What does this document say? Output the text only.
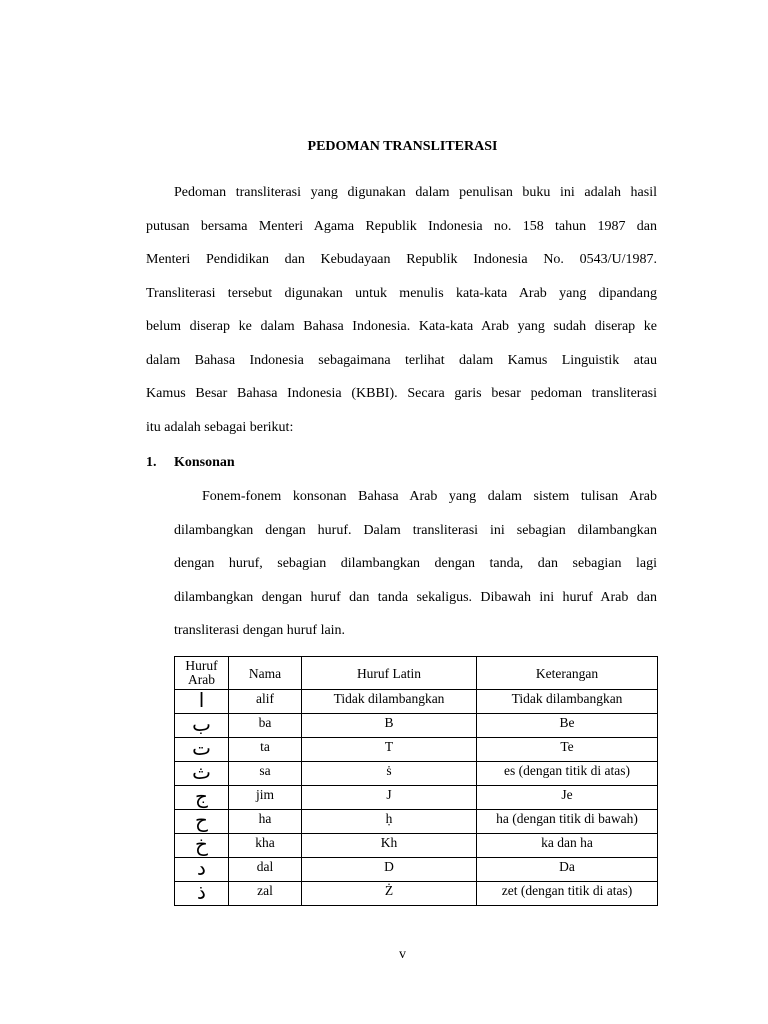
PEDOMAN TRANSLITERASI

Pedoman transliterasi yang digunakan dalam penulisan buku ini adalah hasil
putusan bersama Menteri Agama Republik Indonesia no. 158 tahun 1987 dan
Menteri Pendidikan dan Kebudayaan Republik Indonesia No. 0543/U/1987.
Transliterasi tersebut digunakan untuk menulis kata-kata Arab yang dipandang
belum diserap ke dalam Bahasa Indonesia. Kata-kata Arab yang sudah diserap ke
dalam Bahasa Indonesia sebagaimana terlihat dalam Kamus Linguistik atau
Kamus Besar Bahasa Indonesia (KBBI). Secara garis besar pedoman transliterasi
itu adalah sebagai berikut:

1. Konsonan

Fonem-fonem konsonan Bahasa Arab yang dalam sistem tulisan Arab
dilambangkan dengan huruf. Dalam transliterasi ini sebagian dilambangkan
dengan huruf, sebagian dilambangkan dengan tanda, dan sebagian lagi
dilambangkan dengan huruf dan tanda sekaligus. Dibawah ini huruf Arab dan
transliterasi dengan huruf lain.

Huruf
Arab	Nama	Huruf Latin	Keterangan
ا	alif	Tidak dilambangkan	Tidak dilambangkan
ب	ba	B	Be
ت	ta	T	Te
ث	sa	ṡ	es (dengan titik di atas)
ج	jim	J	Je
ح	ha	ḥ	ha (dengan titik di bawah)
خ	kha	Kh	ka dan ha
د	dal	D	Da
ذ	zal	Ż	zet (dengan titik di atas)
v
